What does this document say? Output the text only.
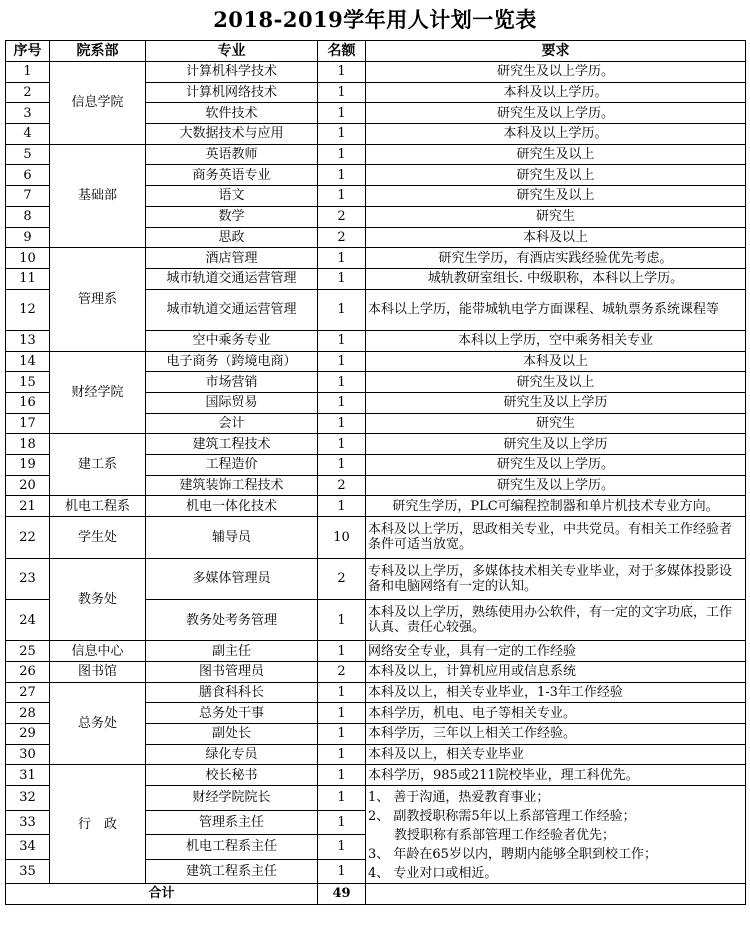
2018-2019学年用人计划一览表
序号	院系部	专业	名额	要求
1	信息学院	计算机科学技术	1	研究生及以上学历。
2		计算机网络技术	1	本科及以上学历。
3		软件技术	1	研究生及以上学历。
4		大数据技术与应用	1	本科及以上学历。
5	基础部	英语教师	1	研究生及以上
6		商务英语专业	1	研究生及以上
7		语文	1	研究生及以上
8		数学	2	研究生
9		思政	2	本科及以上
10	管理系	酒店管理	1	研究生学历，有酒店实践经验优先考虑。
11		城市轨道交通运营管理	1	城轨教研室组长. 中级职称，本科以上学历。
12		城市轨道交通运营管理	1	本科以上学历，能带城轨电学方面课程、城轨票务系统课程等
13		空中乘务专业	1	本科以上学历，空中乘务相关专业
14	财经学院	电子商务（跨境电商）	1	本科及以上
15		市场营销	1	研究生及以上
16		国际贸易	1	研究生及以上学历
17		会计	1	研究生
18	建工系	建筑工程技术	1	研究生及以上学历
19		工程造价	1	研究生及以上学历。
20		建筑装饰工程技术	2	研究生及以上学历。
21	机电工程系	机电一体化技术	1	研究生学历，PLC可编程控制器和单片机技术专业方向。
22	学生处	辅导员	10	本科及以上学历，思政相关专业，中共党员。有相关工作经验者条件可适当放宽。
23	教务处	多媒体管理员	2	专科及以上学历，多媒体技术相关专业毕业，对于多媒体投影设备和电脑网络有一定的认知。
24		教务处考务管理	1	本科及以上学历，熟练使用办公软件，有一定的文字功底，工作认真、责任心较强。
25	信息中心	副主任	1	网络安全专业，具有一定的工作经验
26	图书馆	图书管理员	2	本科及以上，计算机应用或信息系统
27	总务处	膳食科科长	1	本科及以上，相关专业毕业，1-3年工作经验
28		总务处干事	1	本科学历，机电、电子等相关专业。
29		副处长	1	本科学历，三年以上相关工作经验。
30		绿化专员	1	本科及以上，相关专业毕业
31	行　政	校长秘书	1	本科学历，985或211院校毕业，理工科优先。
32		财经学院院长	1	1、 善于沟通，热爱教育事业；
2、 副教授职称需5年以上系部管理工作经验；
　　教授职称有系部管理工作经验者优先；
3、 年龄在65岁以内，聘期内能够全职到校工作；
4、 专业对口或相近。

33		管理系主任	1	
34		机电工程系主任	1	
35		建筑工程系主任	1	
合计			49	
